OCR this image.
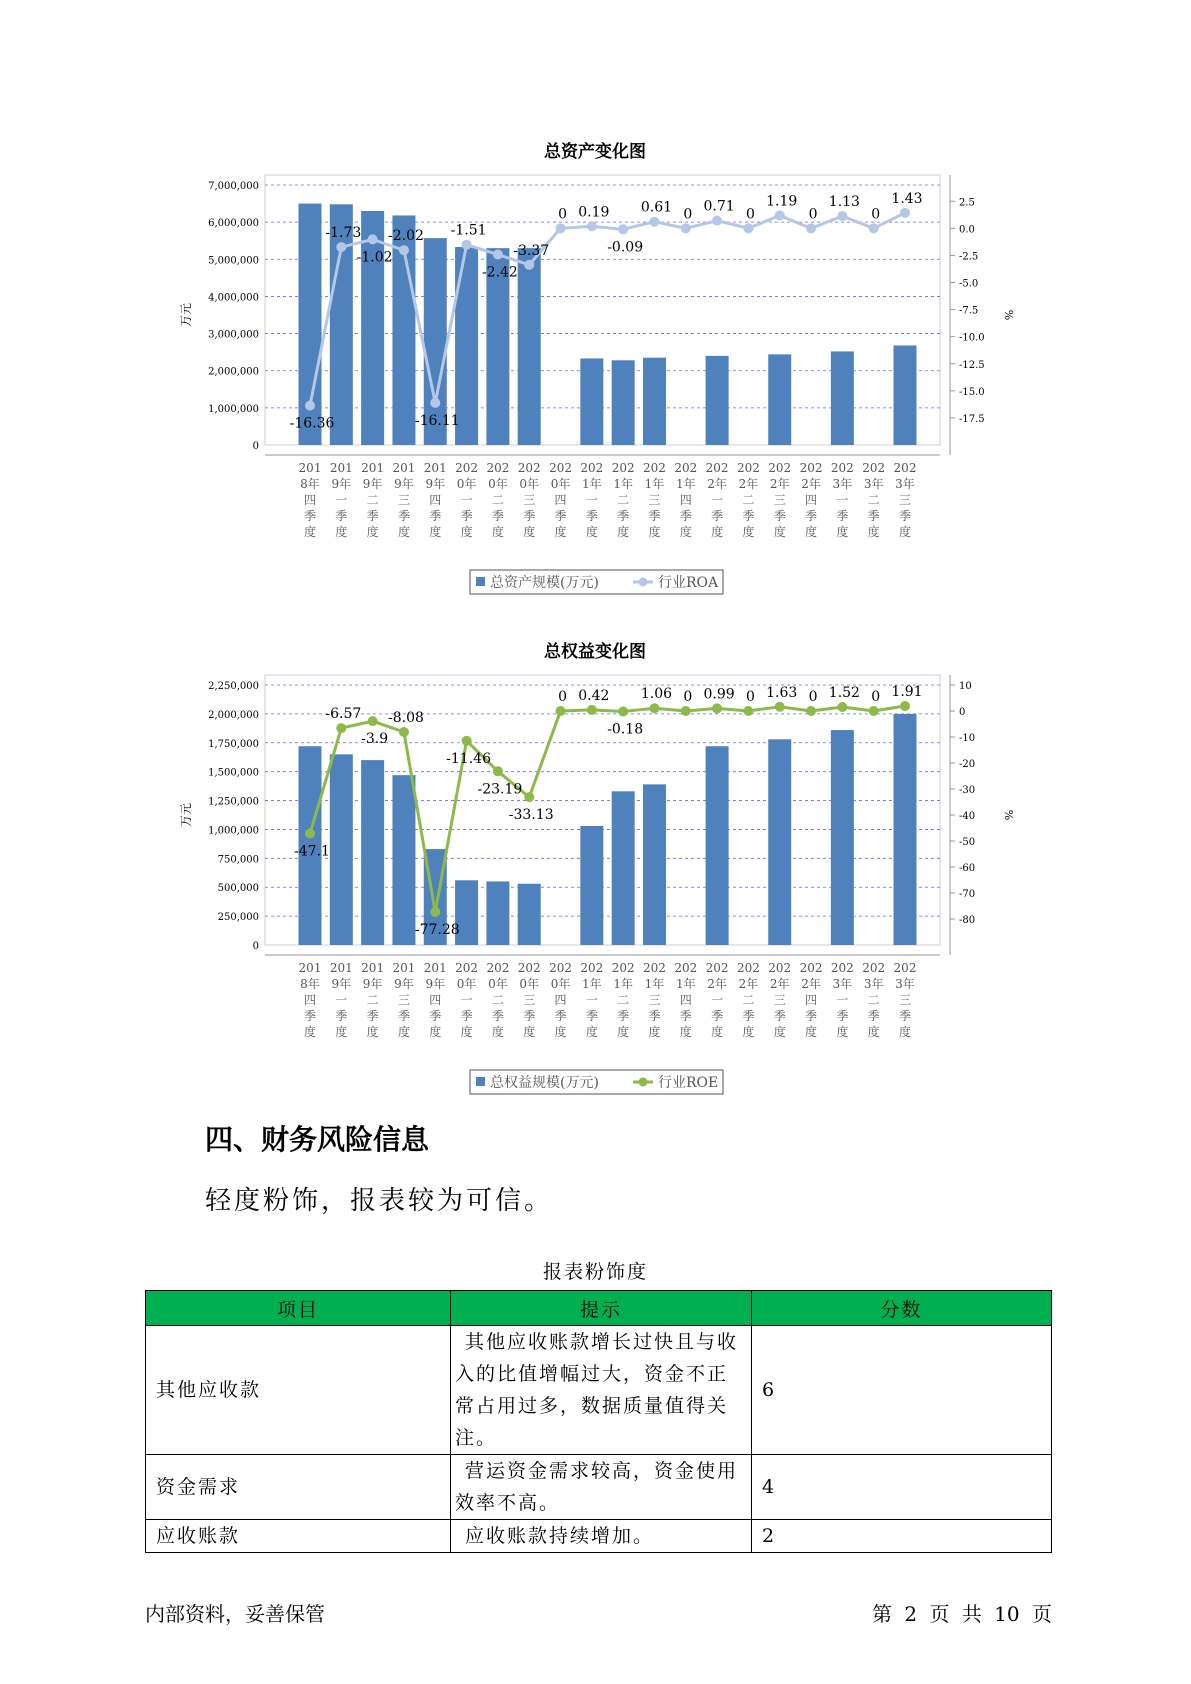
总资产变化图
0
1,000,000
2,000,000
3,000,000
4,000,000
5,000,000
6,000,000
7,000,000
万元
2.5
0.0
-2.5
-5.0
-7.5
-10.0
-12.5
-15.0
-17.5
%
-16.36
-1.73
-1.02
-2.02
-16.11
-1.51
-2.42
-3.37
0 0.19
-0.09
0.61 0 0.71 0
1.19
0
1.13
0
1.43
201 8年四季度
201 9年一季度
201 9年二季度
201 9年三季度
201 9年四季度
202 0年一季度
202 0年二季度
202 0年三季度
202 0年四季度
202 1年一季度
202 1年二季度
202 1年三季度
202 1年四季度
202 2年一季度
202 2年二季度
202 2年三季度
202 2年四季度
202 3年一季度
202 3年二季度
202 3年三季度
总资产规模(万元)	行业ROA
总权益变化图
0
250,000
500,000
750,000
1,000,000
1,250,000
1,500,000
1,750,000
2,000,000
2,250,000
万元
10
0
-10
-20
-30
-40
-50
-60
-70
-80
%
-47.1
-6.57
-3.9
-8.08
-77.28
-11.46
-23.19
-33.13
0 0.42
-0.18
1.06 0 0.99 0 1.63 0 1.52 0 1.91
201 8年四季度
201 9年一季度
201 9年二季度
201 9年三季度
201 9年四季度
202 0年一季度
202 0年二季度
202 0年三季度
202 0年四季度
202 1年一季度
202 1年二季度
202 1年三季度
202 1年四季度
202 2年一季度
202 2年二季度
202 2年三季度
202 2年四季度
202 3年一季度
202 3年二季度
202 3年三季度
总权益规模(万元)	行业ROE
四、财务风险信息
轻度粉饰，报表较为可信。
报表粉饰度
项目	提示	分数
其他应收款	其他应收账款增长过快且与收入的比值增幅过大，资金不正常占用过多，数据质量值得关注。	6
资金需求	营运资金需求较高，资金使用效率不高。	4
应收账款	应收账款持续增加。	2
内部资料，妥善保管	第 2 页 共 10 页
